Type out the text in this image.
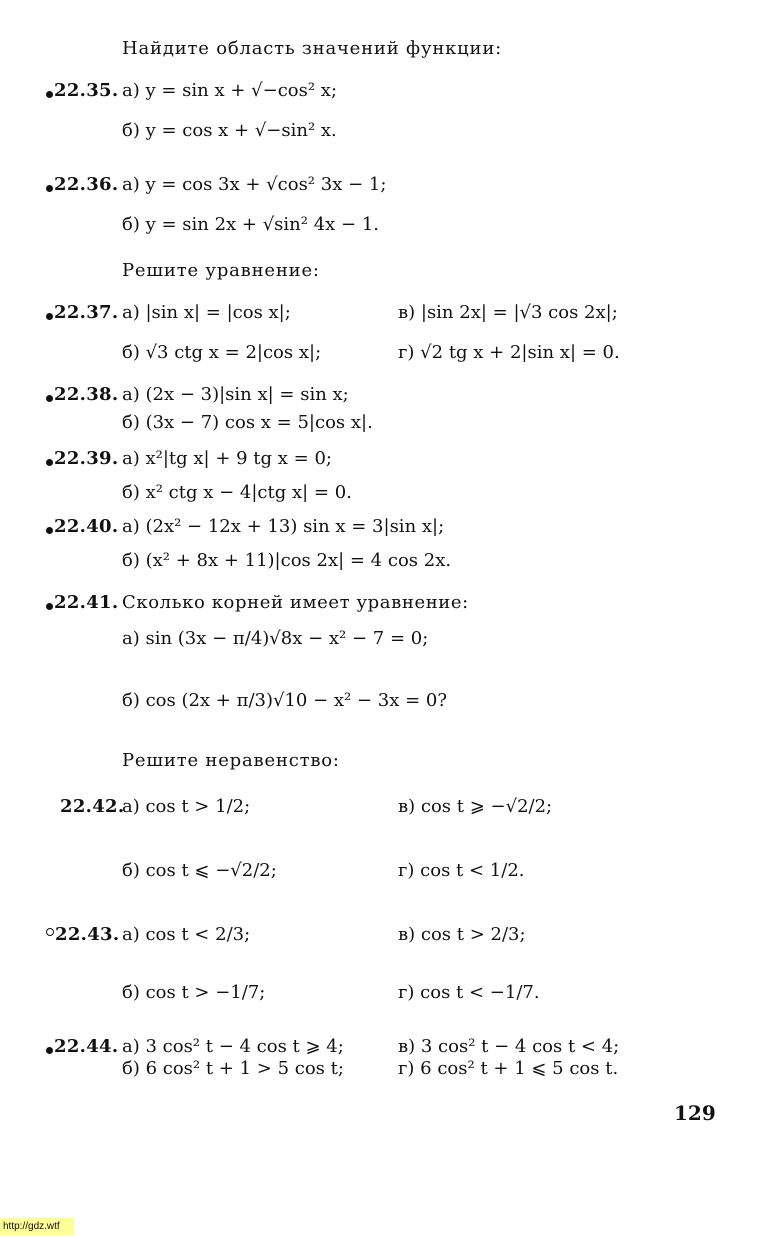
Найдите область значений функции:
22.35. а) y = sin x + √−cos² x;
б) y = cos x + √−sin² x.
22.36. а) y = cos 3x + √cos² 3x − 1;
б) y = sin 2x + √sin² 4x − 1.
Решите уравнение:
22.37. а) |sin x| = |cos x|;	в) |sin 2x| = |√3 cos 2x|;
б) √3 ctg x = 2|cos x|;	г) √2 tg x + 2|sin x| = 0.
22.38. а) (2x − 3)|sin x| = sin x;
б) (3x − 7) cos x = 5|cos x|.
22.39. а) x²|tg x| + 9 tg x = 0;
б) x² ctg x − 4|ctg x| = 0.
22.40. а) (2x² − 12x + 13) sin x = 3|sin x|;
б) (x² + 8x + 11)|cos 2x| = 4 cos 2x.
22.41. Сколько корней имеет уравнение:
а) sin (3x − π/4)√8x − x² − 7 = 0;
б) cos (2x + π/3)√10 − x² − 3x = 0?
Решите неравенство:
22.42.
а) cos t > 1/2;	в) cos t ⩾ −√2/2;
б) cos t ⩽ −√2/2;	г) cos t < 1/2.
22.43. а) cos t < 2/3;	в) cos t > 2/3;
б) cos t > −1/7;	г) cos t < −1/7.
22.44. а) 3 cos² t − 4 cos t ⩾ 4;	в) 3 cos² t − 4 cos t < 4;
б) 6 cos² t + 1 > 5 cos t;	г) 6 cos² t + 1 ⩽ 5 cos t.
129
http://gdz.wtf
